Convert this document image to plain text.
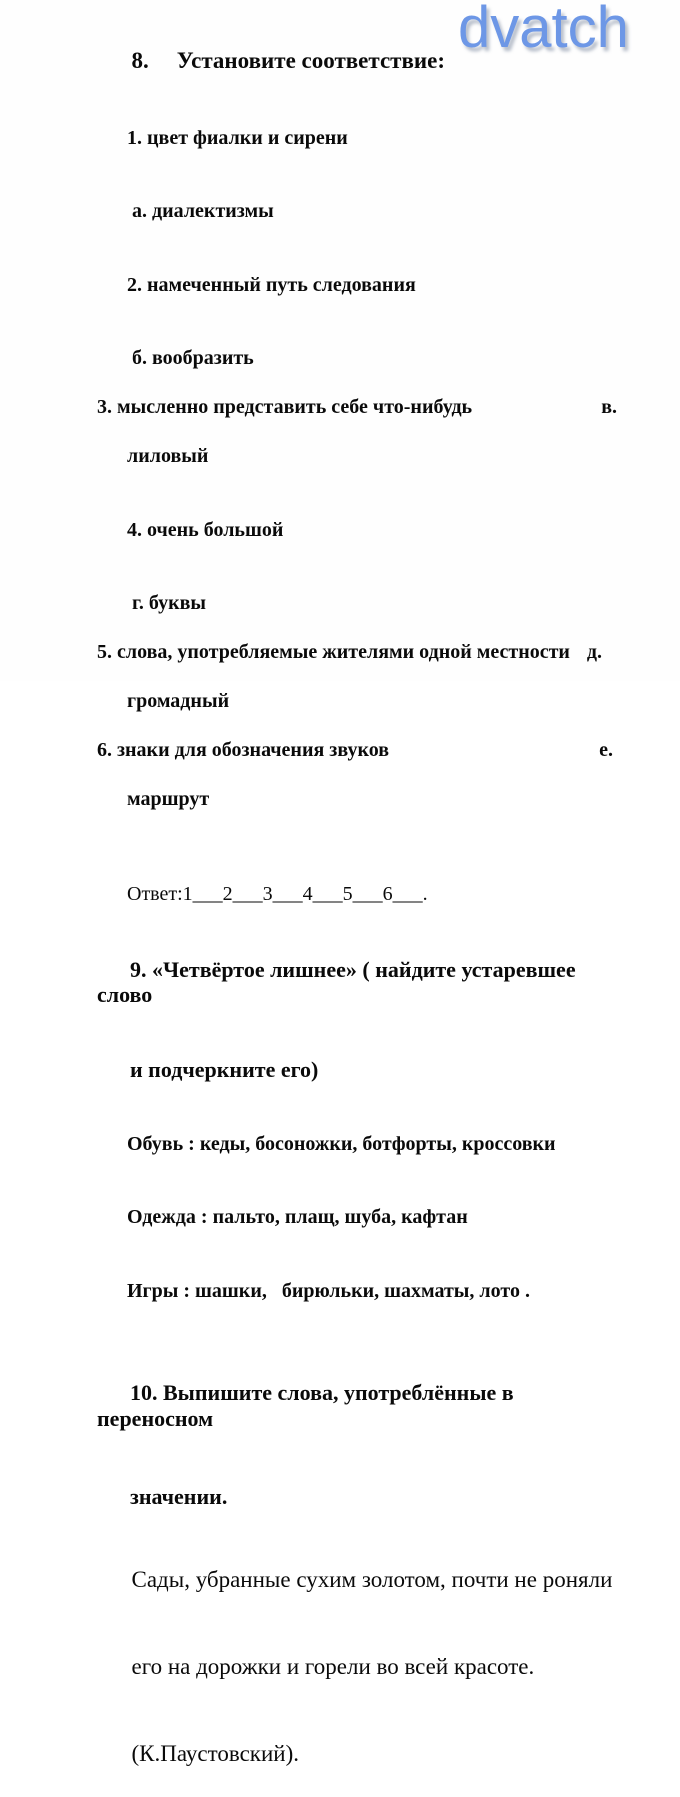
dvatch

8. Установите соответствие:

1. цвет фиалки и сирени

а. диалектизмы

2. намеченный путь следования

б. вообразить

3. мысленно представить себе что-нибудь	в.

лиловый

4. очень большой

г. буквы

5. слова, употребляемые жителями одной местности д.

громадный

6. знаки для обозначения звуков	е.

маршрут

Ответ:1___2___3___4___5___6___.

9. «Четвёртое лишнее» ( найдите устаревшее слово

и подчеркните его)

Обувь : кеды, босоножки, ботфорты, кроссовки

Одежда : пальто, плащ, шуба, кафтан

Игры : шашки,   бирюльки, шахматы, лото .

10. Выпишите слова, употреблённые в переносном

значении.

Сады, убранные сухим золотом, почти не роняли

его на дорожки и горели во всей красоте.

(К.Паустовский).
